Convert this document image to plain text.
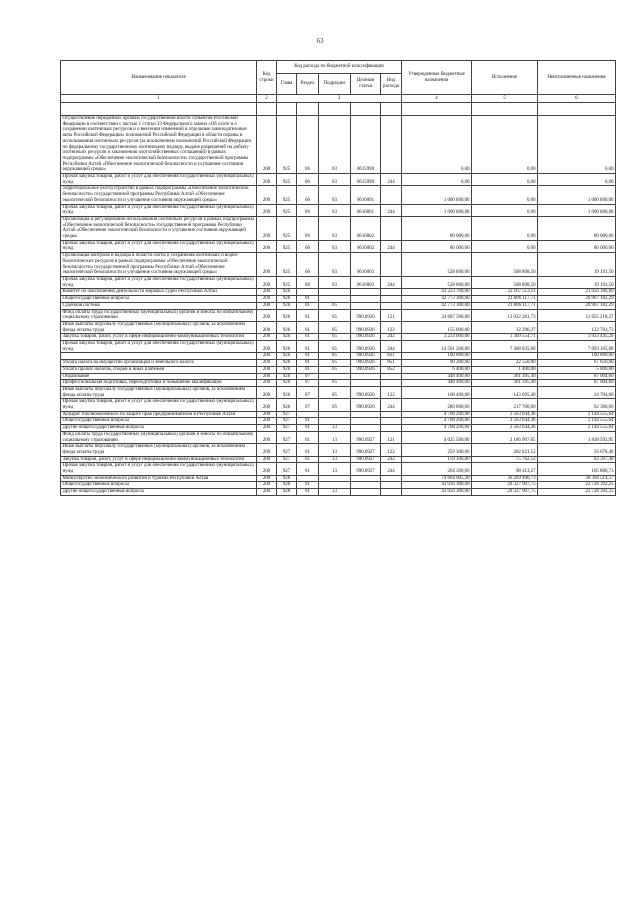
63
Наименование показателя	Код строки	Код расхода по бюджетной классификации					Утвержденные бюджетные назначения	Исполнение	Неисполненные назначения
		Глава	Раздел	Подраздел	Целевая статья	Вид расхода			
1	2	3					4	5	6

Осуществление переданных органам государственной власти субъектов Российской Федерации в соответствии с частью 1 статьи 33 Федерального закона «Об охоте и о сохранении охотничьих ресурсов и о внесении изменений в отдельные законодательные акты Российской Федерации» полномочий Российской Федерации в области охраны и использования охотничьих ресурсов (за исключением полномочий Российской Федерации по федеральному государственному охотничьему надзору, выдаче разрешений на добычу охотничьих ресурсов и заключению охотхозяйственных соглашений) в рамках подпрограммы «Обеспечение экологической безопасности» государственной программы Республики Алтай «Обеспечение экологической безопасности и улучшение состояния окружающей среды»	200	925	06	03	0615990		0,00	0,00	0,00
Прочая закупка товаров, работ и услуг для обеспечения государственных (муниципальных) нужд	200	925	06	03	0615990	244	0,00	0,00	0,00
Территориальное охотоустройство в рамках подпрограммы «Обеспечение экологической безопасности» государственной программы Республики Алтай «Обеспечение экологической безопасности и улучшение состояния окружающей среды»	200	925	06	03	0616001		1 000 000,00	0,00	1 000 000,00
Прочая закупка товаров, работ и услуг для обеспечения государственных (муниципальных) нужд	200	925	06	03	0616001	244	1 000 000,00	0,00	1 000 000,00
Организация и регулирование использования охотничьих ресурсов в рамках подпрограммы «Обеспечение экологической безопасности» государственной программы Республики Алтай «Обеспечение экологической безопасности и улучшение состояния окружающей среды»	200	925	06	03	0616002		80 000,00	0,00	80 000,00
Прочая закупка товаров, работ и услуг для обеспечения государственных (муниципальных) нужд	200	925	06	03	0616002	244	80 000,00	0,00	80 000,00
Организация контроля и надзора в области охоты и сохранения охотничьих и водно-биологических ресурсов в рамках подпрограммы «Обеспечение экологической безопасности» государственной программы Республики Алтай «Обеспечение экологической безопасности и улучшение состояния окружающей среды»	200	925	06	03	0616003		528 000,00	508 808,50	19 191,50
Прочая закупка товаров, работ и услуг для обеспечения государственных (муниципальных) нужд	200	925	06	03	0616003	244	528 000,00	508 808,50	19 191,50
Комитет по обеспечению деятельности мировых судей Республики Алтай	200	926					43 223 700,00	22 167 513,11	21 056 186,89
Общегосударственные вопросы	200	926	01				42 773 300,00	21 806 117,71	20 967 182,29
Судебная система	200	926	01	05			42 773 300,00	21 806 117,71	20 967 182,29
Фонд оплаты труда государственных (муниципальных) органов и взносы по обязательному социальному страхованию	200	926	01	05	990.0926	121	24 687 500,00	13 032 281,73	11 655 218,27
Иные выплаты персоналу государственных (муниципальных) органов, за исключением фонда оплаты труда	200	926	01	05	990.0926	122	155 000,00	32 296,27	122 703,73
Закупка товаров, работ, услуг в сфере информационно-коммуникационных технологий	200	926	01	05	990.0926	242	3 233 000,00	1 309 554,71	1 923 445,29
Прочая закупка товаров, работ и услуг для обеспечения государственных (муниципальных) нужд	200	926	01	05	990.0926	244	14 501 200,00	7 408 035,00	7 093 165,00
	200	926	01	05	990.0926	831	100 000,00		100 000,00
Уплата налога на имущество организаций и земельного налога	200	926	01	05	990.0926	851	90 200,00	22 550,00	67 650,00
Уплата прочих налогов, сборов и иных платежей	200	926	01	05	990.0926	852	6 400,00	1 400,00	5 000,00
Образование	200	926	07				448 400,00	361 395,40	87 004,60
Профессиональная подготовка, переподготовка и повышение квалификации	200	926	07	05			448 400,00	361 395,40	87 004,60
Иные выплаты персоналу государственных (муниципальных) органов, за исключением фонда оплаты труда	200	926	07	05	990.0926	122	168 400,00	143 695,40	24 704,60
Прочая закупка товаров, работ и услуг для обеспечения государственных (муниципальных) нужд	200	926	07	05	990.0926	244	280 000,00	217 700,00	62 300,00
Аппарат Уполномоченного по защите прав предпринимателей в Республике Алтай	200	927					4 708 200,00	2 563 644,36	2 144 555,64
Общегосударственные вопросы	200	927	01				4 708 200,00	2 563 644,36	2 144 555,64
Другие общегосударственные вопросы	200	927	01	13			4 708 200,00	2 563 644,36	2 144 555,64
Фонд оплаты труда государственных (муниципальных) органов и взносы по обязательному социальному страхованию	200	927	01	13	990.0927	121	4 025 500,00	2 186 907,05	1 838 592,95
Иные выплаты персоналу государственных (муниципальных) органов, за исключением фонда оплаты труда	200	927	01	13	990.0927	122	259 300,00	202 621,52	56 678,48
Закупка товаров, работ, услуг в сфере информационно-коммуникационных технологий	200	927	01	13	990.0927	242	159 100,00	75 702,52	83 397,48
Прочая закупка товаров, работ и услуг для обеспечения государственных (муниципальных) нужд	200	927	01	13	990.0927	244	264 300,00	98 413,27	165 886,73
Министерство экономического развития и туризма Республики Алтай	200	928					74 664 005,30	36 269 490,73	38 394 514,57
Общегосударственные вопросы	200	928	01				43 056 300,00	20 327 907,75	22 728 392,25
Другие общегосударственные вопросы	200	928	01	13			43 056 300,00	20 327 907,75	22 728 392,25
